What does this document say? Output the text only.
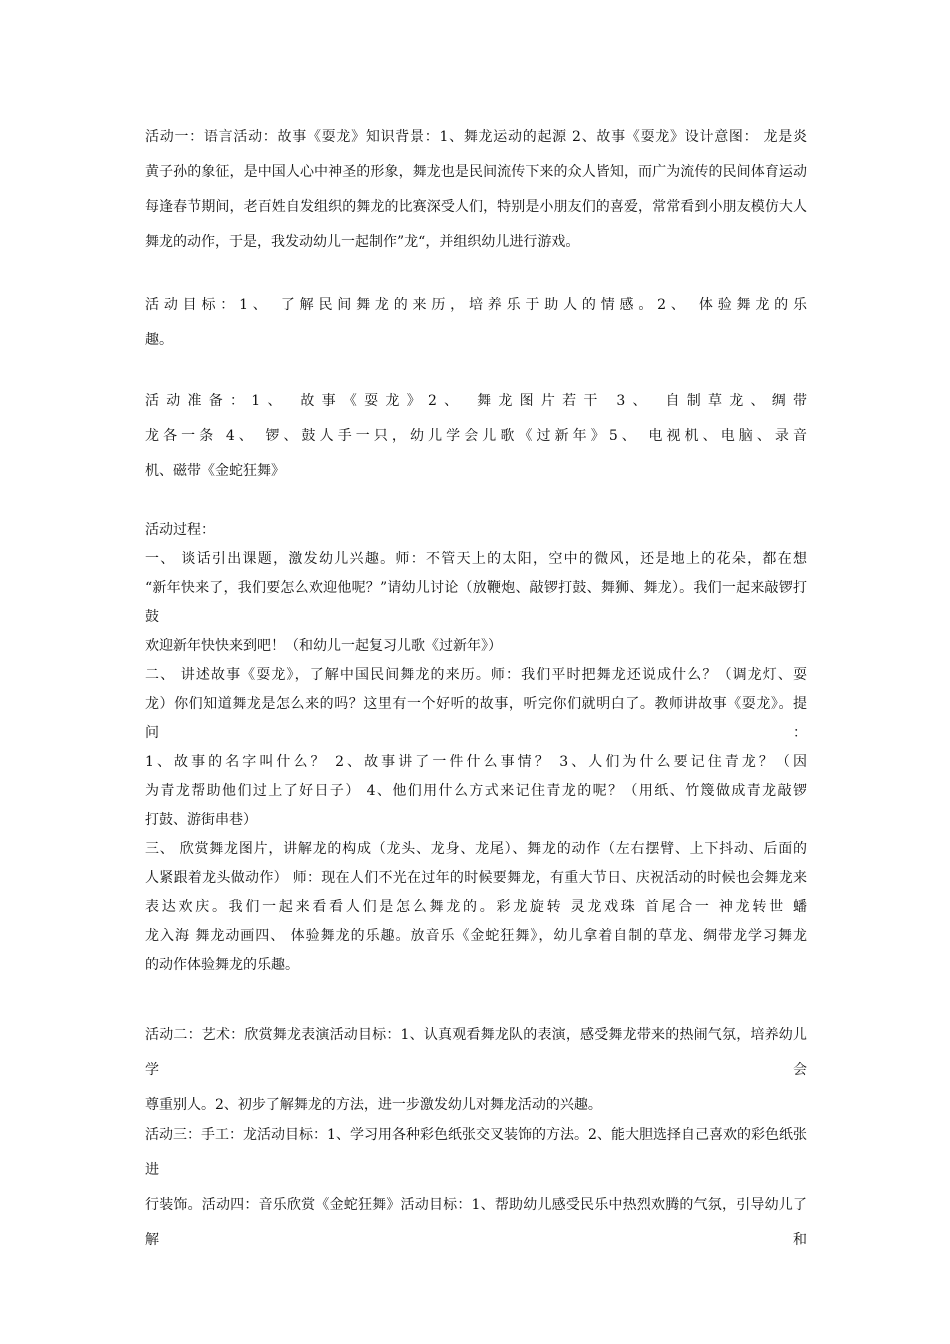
活动一：语言活动：故事《耍龙》知识背景：1、舞龙运动的起源 2、故事《耍龙》设计意图： 龙是炎
黄子孙的象征，是中国人心中神圣的形象，舞龙也是民间流传下来的众人皆知，而广为流传的民间体育运动
每逢春节期间，老百姓自发组织的舞龙的比赛深受人们，特别是小朋友们的喜爱，常常看到小朋友模仿大人
舞龙的动作，于是，我发动幼儿一起制作”龙“，并组织幼儿进行游戏。
活动目标：1、 了解民间舞龙的来历，培养乐于助人的情感。2、 体验舞龙的乐
趣。
活动准备：1、 故事《耍龙》2、 舞龙图片若干 3、 自制草龙、绸带
龙各一条 4、 锣、鼓人手一只，幼儿学会儿歌《过新年》5、 电视机、电脑、录音
机、磁带《金蛇狂舞》
活动过程：
一、 谈话引出课题，激发幼儿兴趣。师：不管天上的太阳，空中的微风，还是地上的花朵，都在想
“新年快来了，我们要怎么欢迎他呢？”请幼儿讨论（放鞭炮、敲锣打鼓、舞狮、舞龙）。我们一起来敲锣打鼓
欢迎新年快快来到吧！（和幼儿一起复习儿歌《过新年》）
二、 讲述故事《耍龙》，了解中国民间舞龙的来历。师：我们平时把舞龙还说成什么？（调龙灯、耍
龙）你们知道舞龙是怎么来的吗？这里有一个好听的故事，听完你们就明白了。教师讲故事《耍龙》。提问：
1、故事的名字叫什么？ 2、故事讲了一件什么事情？ 3、人们为什么要记住青龙？（因
为青龙帮助他们过上了好日子） 4、他们用什么方式来记住青龙的呢？（用纸、竹篾做成青龙敲锣
打鼓、游街串巷）
三、 欣赏舞龙图片，讲解龙的构成（龙头、龙身、龙尾）、舞龙的动作（左右摆臂、上下抖动、后面的
人紧跟着龙头做动作） 师：现在人们不光在过年的时候要舞龙，有重大节日、庆祝活动的时候也会舞龙来
表达欢庆。我们一起来看看人们是怎么舞龙的。彩龙旋转 灵龙戏珠 首尾合一 神龙转世 蟠
龙入海 舞龙动画四、 体验舞龙的乐趣。放音乐《金蛇狂舞》，幼儿拿着自制的草龙、绸带龙学习舞龙
的动作体验舞龙的乐趣。
活动二：艺术：欣赏舞龙表演活动目标：1、认真观看舞龙队的表演，感受舞龙带来的热闹气氛，培养幼儿学会
尊重别人。2、初步了解舞龙的方法，进一步激发幼儿对舞龙活动的兴趣。
活动三：手工：龙活动目标：1、学习用各种彩色纸张交叉装饰的方法。2、能大胆选择自己喜欢的彩色纸张进
行装饰。活动四：音乐欣赏《金蛇狂舞》活动目标：1、帮助幼儿感受民乐中热烈欢腾的气氛，引导幼儿了解和
